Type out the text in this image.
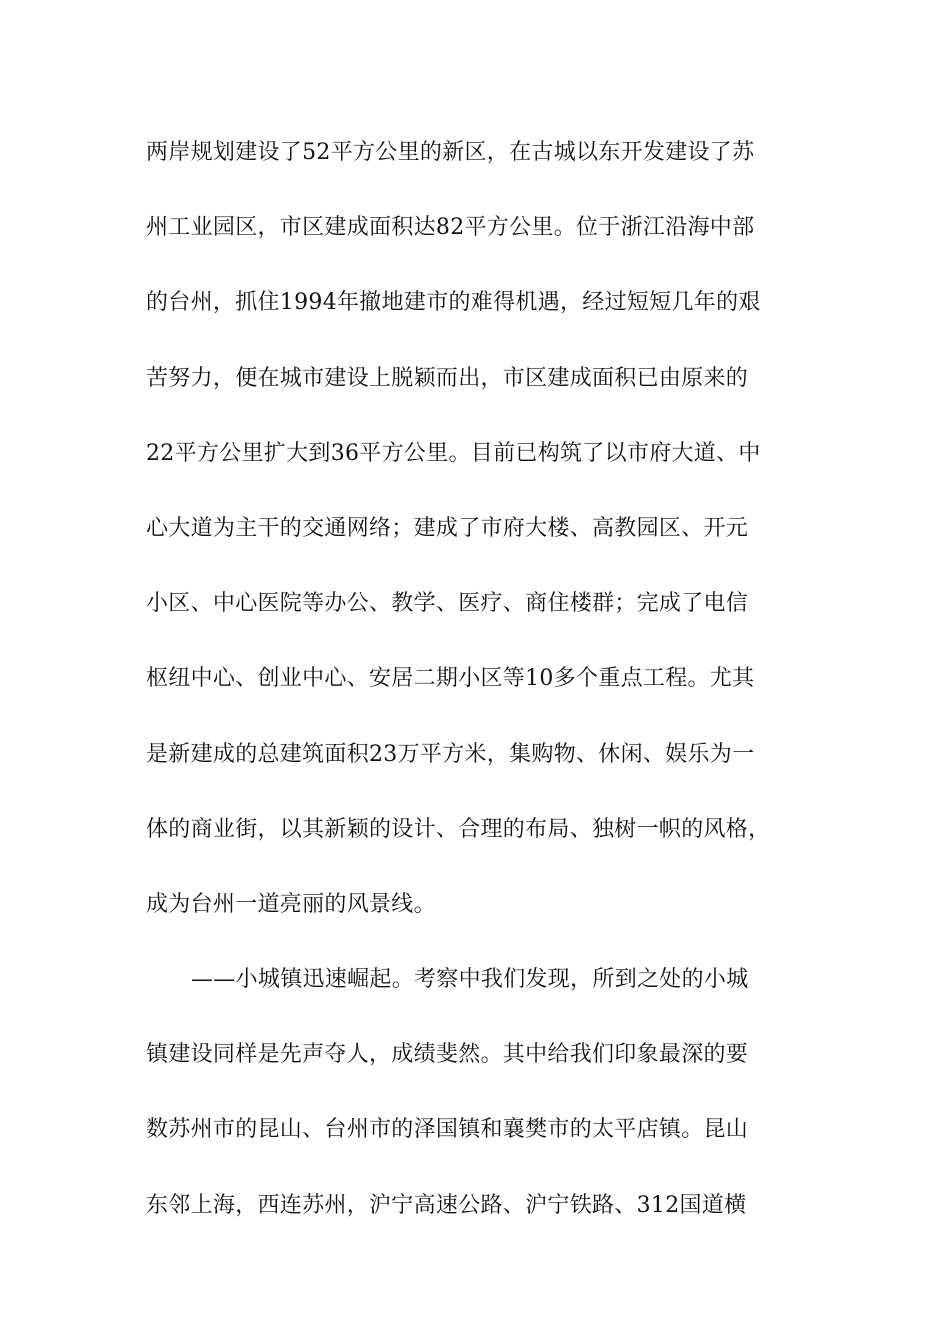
两岸规划建设了52平方公里的新区，在古城以东开发建设了苏
州工业园区，市区建成面积达82平方公里。位于浙江沿海中部
的台州，抓住1994年撤地建市的难得机遇，经过短短几年的艰
苦努力，便在城市建设上脱颖而出，市区建成面积已由原来的
22平方公里扩大到36平方公里。目前已构筑了以市府大道、中
心大道为主干的交通网络；建成了市府大楼、高教园区、开元
小区、中心医院等办公、教学、医疗、商住楼群；完成了电信
枢纽中心、创业中心、安居二期小区等10多个重点工程。尤其
是新建成的总建筑面积23万平方米，集购物、休闲、娱乐为一
体的商业街，以其新颖的设计、合理的布局、独树一帜的风格，
成为台州一道亮丽的风景线。
——小城镇迅速崛起。考察中我们发现，所到之处的小城
镇建设同样是先声夺人，成绩斐然。其中给我们印象最深的要
数苏州市的昆山、台州市的泽国镇和襄樊市的太平店镇。昆山
东邻上海，西连苏州，沪宁高速公路、沪宁铁路、312国道横
